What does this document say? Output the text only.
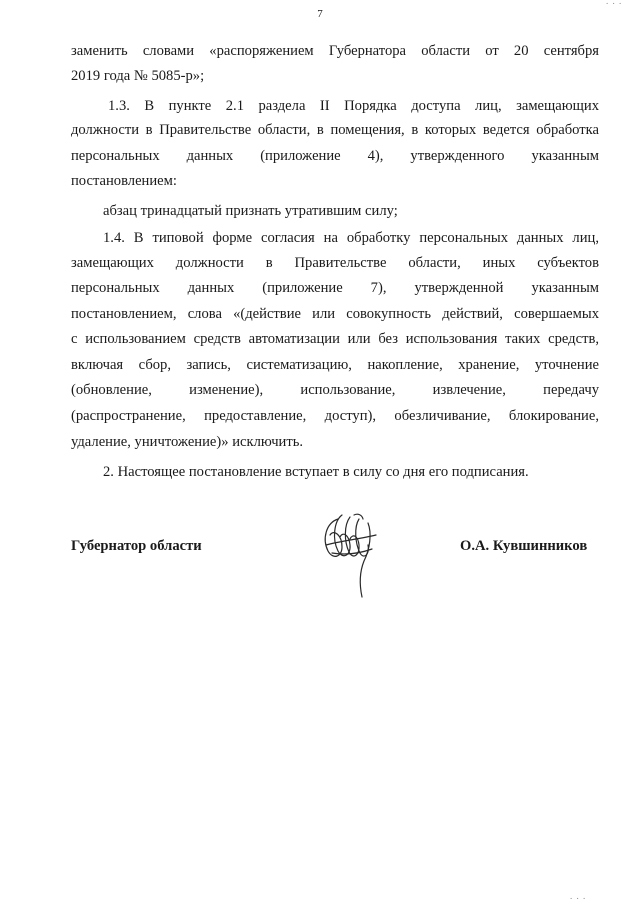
7
. . .
заменить словами «распоряжением Губернатора области от 20 сентября
2019 года № 5085-р»;
1.3. В пункте 2.1 раздела II Порядка доступа лиц, замещающих
должности в Правительстве области, в помещения, в которых ведется обработка
персональных данных (приложение 4), утвержденного указанным
постановлением:
абзац тринадцатый признать утратившим силу;
1.4. В типовой форме согласия на обработку персональных данных лиц,
замещающих должности в Правительстве области, иных субъектов
персональных данных (приложение 7), утвержденной указанным
постановлением, слова «(действие или совокупность действий, совершаемых
с использованием средств автоматизации или без использования таких средств,
включая сбор, запись, систематизацию, накопление, хранение, уточнение
(обновление, изменение), использование, извлечение, передачу
(распространение, предоставление, доступ), обезличивание, блокирование,
удаление, уничтожение)» исключить.
2. Настоящее постановление вступает в силу со дня его подписания.
Губернатор области	О.А. Кувшинников
. . .
